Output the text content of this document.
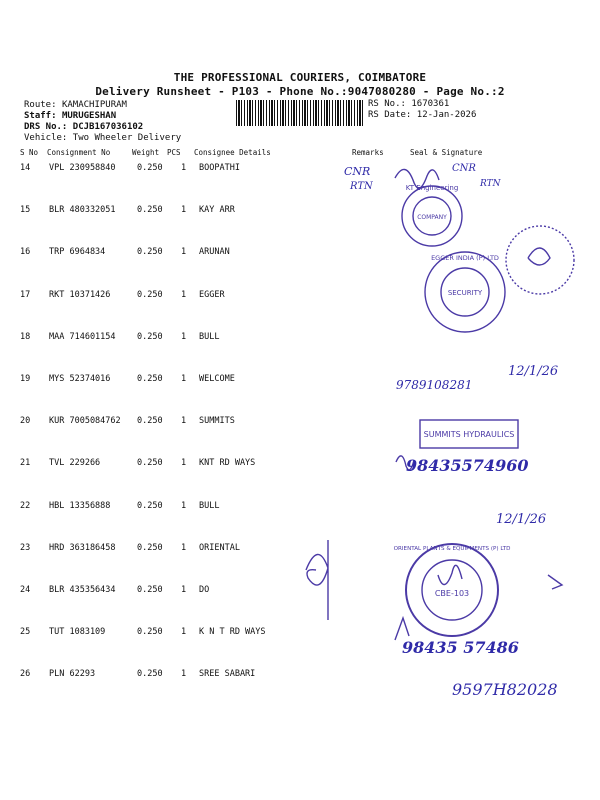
THE PROFESSIONAL COURIERS, COIMBATORE
Delivery Runsheet - P103 - Phone No.:9047080280 - Page No.:2
Route: KAMACHIPURAM
Staff: MURUGESHAN
DRS No.: DCJB167036102
Vehicle: Two Wheeler Delivery
RS No.: 1670361
RS Date: 12-Jan-2026
S No Consignment No	Weight PCS Consignee Details	Remarks	Seal & Signature
14 VPL 230958840	0.250 1 BOOPATHI
15 BLR 480332051	0.250 1 KAY ARR
16 TRP 6964834	0.250 1 ARUNAN
17 RKT 10371426	0.250 1 EGGER
18 MAA 714601154	0.250 1 BULL
19 MYS 52374016	0.250 1 WELCOME
20 KUR 7005084762 0.250 1 SUMMITS
21 TVL 229266	0.250 1 KNT RD WAYS
22 HBL 13356888	0.250 1 BULL
23 HRD 363186458	0.250 1 ORIENTAL
24 BLR 435356434	0.250 1 DO
25 TUT 1083109	0.250 1 K N T RD WAYS
26 PLN 62293	0.250 1 SREE SABARI
KT Engineering
COMPANY
EGGER INDIA (P) LTD
SECURITY
SUMMITS HYDRAULICS
ORIENTAL PLANTS & EQUIPMENTS (P) LTD
CBE-103
CNR
RTN
CNR
RTN
12/1/26
9789108281
98435574960
12/1/26
98435 57486
9597H82028
